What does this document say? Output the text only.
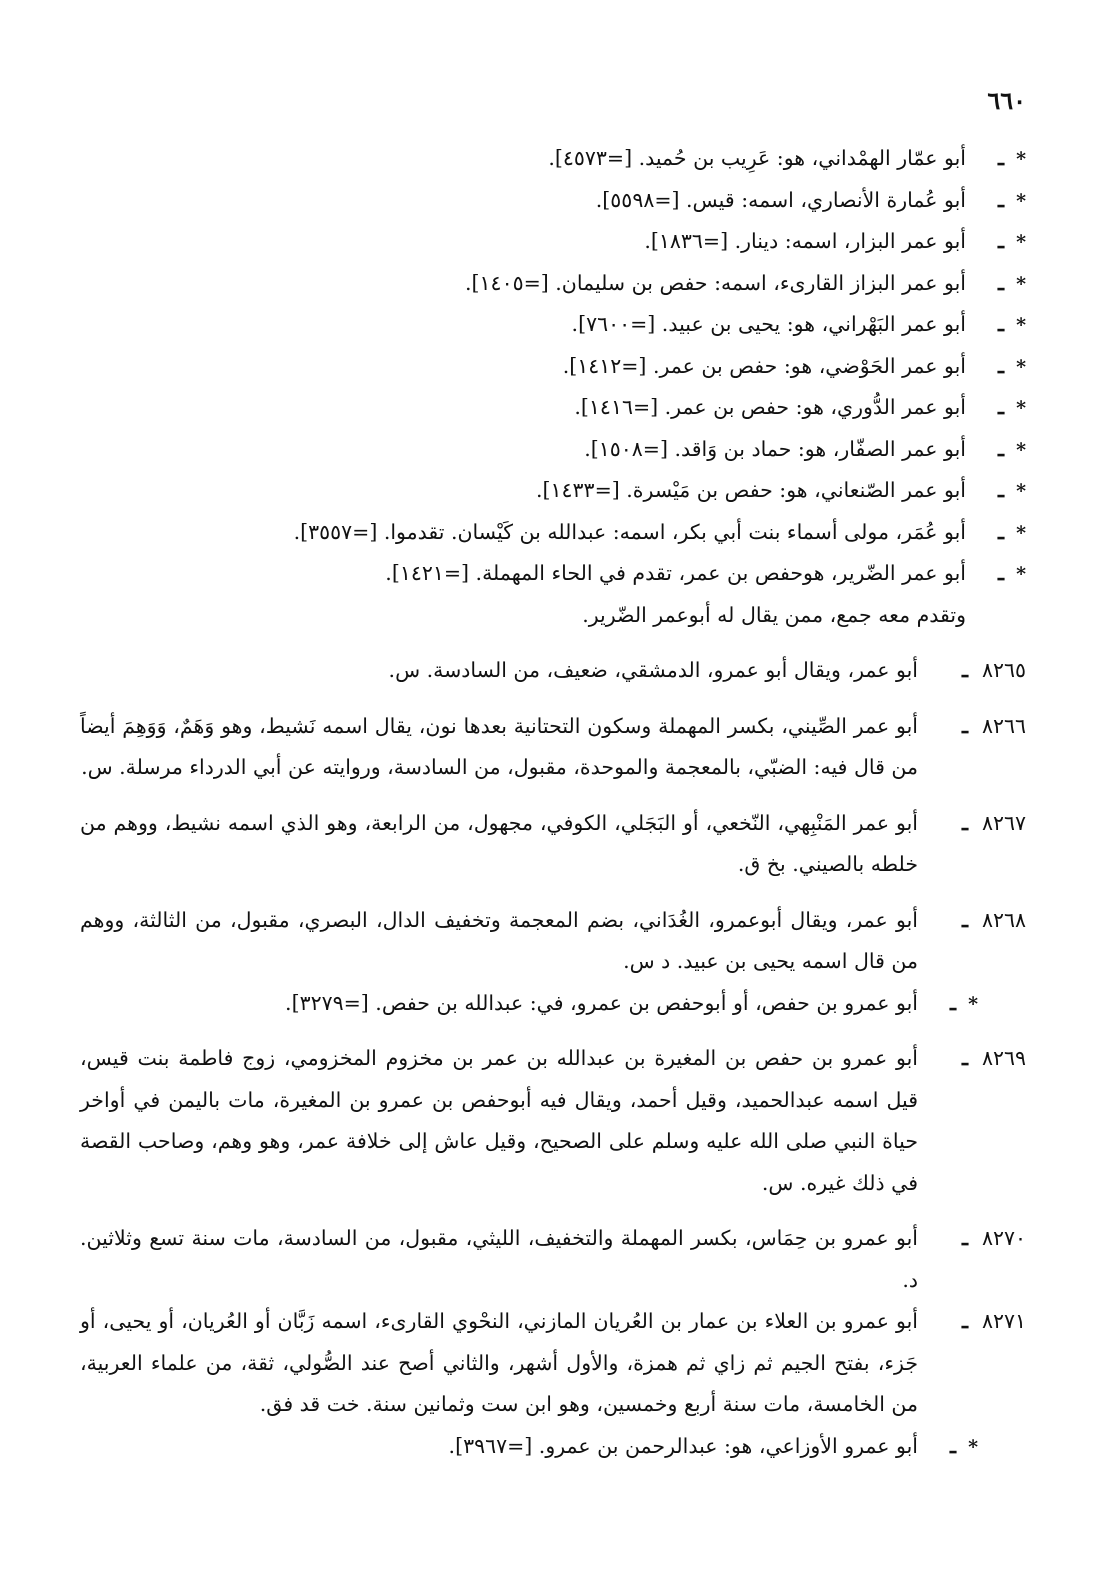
٦٦٠
*
ـ
أبو عمّار الهمْداني، هو: عَرِيب بن حُميد. [=٤٥٧٣].
*
ـ
أبو عُمارة الأنصاري، اسمه: قيس. [=٥٥٩٨].
*
ـ
أبو عمر البزار، اسمه: دينار. [=١٨٣٦].
*
ـ
أبو عمر البزاز القارىء، اسمه: حفص بن سليمان. [=١٤٠٥].
*
ـ
أبو عمر البَهْراني، هو: يحيى بن عبيد. [=٧٦٠٠].
*
ـ
أبو عمر الحَوْضي، هو: حفص بن عمر. [=١٤١٢].
*
ـ
أبو عمر الدُّوري، هو: حفص بن عمر. [=١٤١٦].
*
ـ
أبو عمر الصفّار، هو: حماد بن وَاقد. [=١٥٠٨].
*
ـ
أبو عمر الصّنعاني، هو: حفص بن مَيْسرة. [=١٤٣٣].
*
ـ
أبو عُمَر، مولى أسماء بنت أبي بكر، اسمه: عبدالله بن كَيْسان. تقدموا. [=٣٥٥٧].
*
ـ
أبو عمر الضّرير، هوحفص بن عمر، تقدم في الحاء المهملة. [=١٤٢١].
وتقدم معه جمع، ممن يقال له أبوعمر الضّرير.
٨٢٦٥
ـ
أبو عمر، ويقال أبو عمرو، الدمشقي، ضعيف، من السادسة. س.
٨٢٦٦
ـ
أبو عمر الصِّيني، بكسر المهملة وسكون التحتانية بعدها نون، يقال اسمه نَشيط، وهو وَهَمٌ، وَوَهِمَ أيضاً من قال فيه: الضبّي، بالمعجمة والموحدة، مقبول، من السادسة، وروايته عن أبي الدرداء مرسلة. س.
٨٢٦٧
ـ
أبو عمر المَنْبِهي، النّخعي، أو البَجَلي، الكوفي، مجهول، من الرابعة، وهو الذي اسمه نشيط، ووهم من خلطه بالصيني. بخ ق.
٨٢٦٨
ـ
أبو عمر، ويقال أبوعمرو، الغُدَاني، بضم المعجمة وتخفيف الدال، البصري، مقبول، من الثالثة، ووهم من قال اسمه يحيى بن عبيد. د س.
*
ـ
أبو عمرو بن حفص، أو أبوحفص بن عمرو، في: عبدالله بن حفص. [=٣٢٧٩].
٨٢٦٩
ـ
أبو عمرو بن حفص بن المغيرة بن عبدالله بن عمر بن مخزوم المخزومي، زوج فاطمة بنت قيس، قيل اسمه عبدالحميد، وقيل أحمد، ويقال فيه أبوحفص بن عمرو بن المغيرة، مات باليمن في أواخر حياة النبي صلى الله عليه وسلم على الصحيح، وقيل عاش إلى خلافة عمر، وهو وهم، وصاحب القصة في ذلك غيره. س.
٨٢٧٠
ـ
أبو عمرو بن حِمَاس، بكسر المهملة والتخفيف، الليثي، مقبول، من السادسة، مات سنة تسع وثلاثين. د.
٨٢٧١
ـ
أبو عمرو بن العلاء بن عمار بن العُريان المازني، النحْوي القارىء، اسمه زَبَّان أو العُريان، أو يحيى، أو جَزء، بفتح الجيم ثم زاي ثم همزة، والأول أشهر، والثاني أصح عند الصُّولي، ثقة، من علماء العربية، من الخامسة، مات سنة أربع وخمسين، وهو ابن ست وثمانين سنة. خت قد فق.
*
ـ
أبو عمرو الأوزاعي، هو: عبدالرحمن بن عمرو. [=٣٩٦٧].
